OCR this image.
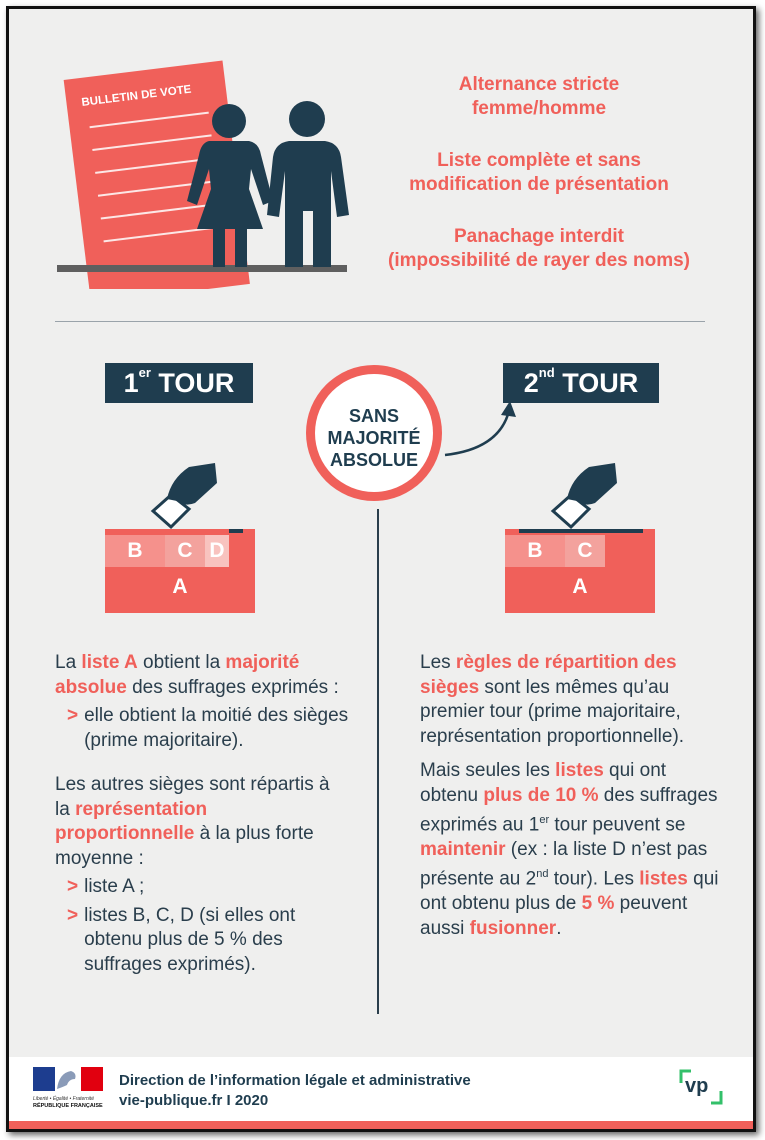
BULLETIN DE VOTE	Alternance stricte
femme/homme

Liste complète et sans
modification de présentation

Panachage interdit
(impossibilité de rayer des noms)

1er TOUR	2nd TOUR
SANS
MAJORITÉ
ABSOLUE
B	C D
A
B	C
A
La liste A obtient la majorité absolue des suffrages exprimés :
> elle obtient la moitié des sièges (prime majoritaire).
Les autres sièges sont répartis à la représentation proportionnelle à la plus forte moyenne :
> liste A ;
> listes B, C, D (si elles ont obtenu plus de 5 % des suffrages exprimés).
Les règles de répartition des sièges sont les mêmes qu’au premier tour (prime majoritaire, représentation proportionnelle).
Mais seules les listes qui ont obtenu plus de 10 % des suffrages exprimés au 1er tour peuvent se maintenir (ex : la liste D n’est pas présente au 2nd tour). Les listes qui ont obtenu plus de 5 % peuvent aussi fusionner.
Liberté • Égalité • Fraternité
RÉPUBLIQUE FRANÇAISE
Direction de l’information légale et administrative
vie-publique.fr I 2020
vp
